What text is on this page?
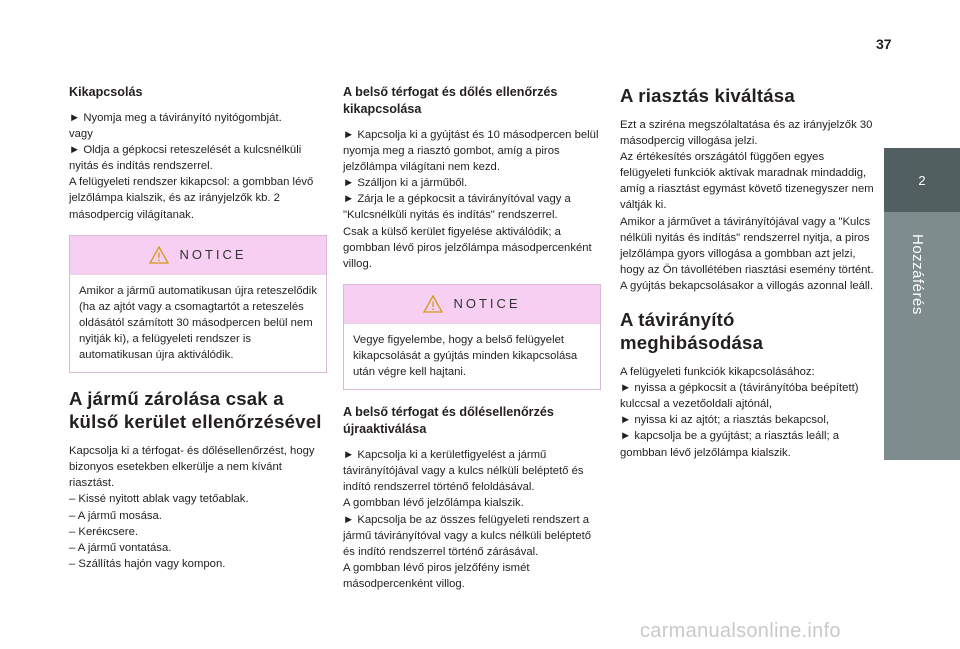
37
2
Hozzáférés
Kikapcsolás

► Nyomja meg a távirányító nyitógombját.
vagy
► Oldja a gépkocsi reteszelését a kulcsnélküli nyitás és indítás rendszerrel.
A felügyeleti rendszer kikapcsol: a gombban lévő jelzőlámpa kialszik, és az irányjelzők kb. 2 másodpercig világítanak.

NOTICE
Amikor a jármű automatikusan újra reteszelődik (ha az ajtót vagy a csomagtartót a reteszelés oldásától számított 30 másodpercen belül nem nyitják ki), a felügyeleti rendszer is automatikusan újra aktiválódik.
A jármű zárolása csak a külső kerület ellenőrzésével

Kapcsolja ki a térfogat- és dőlésellenőrzést, hogy bizonyos esetekben elkerülje a nem kívánt riasztást.
– Kissé nyitott ablak vagy tetőablak.
– A jármű mosása.
– Keréкcsere.
– A jármű vontatása.
– Szállítás hajón vagy kompon.

A belső térfogat és dőlés ellenőrzés kikapcsolása

► Kapcsolja ki a gyújtást és 10 másodpercen belül nyomja meg a riasztó gombot, amíg a piros jelzőlámpa világítani nem kezd.
► Szálljon ki a járműből.
► Zárja le a gépkocsit a távirányítóval vagy a "Kulcsnélküli nyitás és indítás" rendszerrel.
Csak a külső kerület figyelése aktiválódik; a gombban lévő piros jelzőlámpa másodpercenként villog.

NOTICE
Vegye figyelembe, hogy a belső felügyelet kikapcsolását a gyújtás minden kikapcsolása után végre kell hajtani.
A belső térfogat és dőlésellenőrzés újraaktiválása

► Kapcsolja ki a kerületfigyelést a jármű távirányítójával vagy a kulcs nélküli beléptető és indító rendszerrel történő feloldásával.
A gombban lévő jelzőlámpa kialszik.
► Kapcsolja be az összes felügyeleti rendszert a jármű távirányítóval vagy a kulcs nélküli beléptető és indító rendszerrel történő zárásával.
A gombban lévő piros jelzőfény ismét másodpercenként villog.

A riasztás kiváltása

Ezt a sziréna megszólaltatása és az irányjelzők 30 másodpercig villogása jelzi.
Az értékesítés országától függően egyes felügyeleti funkciók aktívak maradnak mindaddig, amíg a riasztást egymást követő tizenegyszer nem váltják ki.
Amikor a járművet a távirányítójával vagy a "Kulcs nélküli nyitás és indítás" rendszerrel nyitja, a piros jelzőlámpa gyors villogása a gombban azt jelzi, hogy az Ön távollétében riasztási esemény történt. A gyújtás bekapcsolásakor a villogás azonnal leáll.

A távirányító meghibásodása

A felügyeleti funkciók kikapcsolásához:
► nyissa a gépkocsit a (távirányítóba beépített) kulccsal a vezetőoldali ajtónál,
► nyissa ki az ajtót; a riasztás bekapcsol,
► kapcsolja be a gyújtást; a riasztás leáll; a gombban lévő jelzőlámpa kialszik.

carmanualsonline.info
